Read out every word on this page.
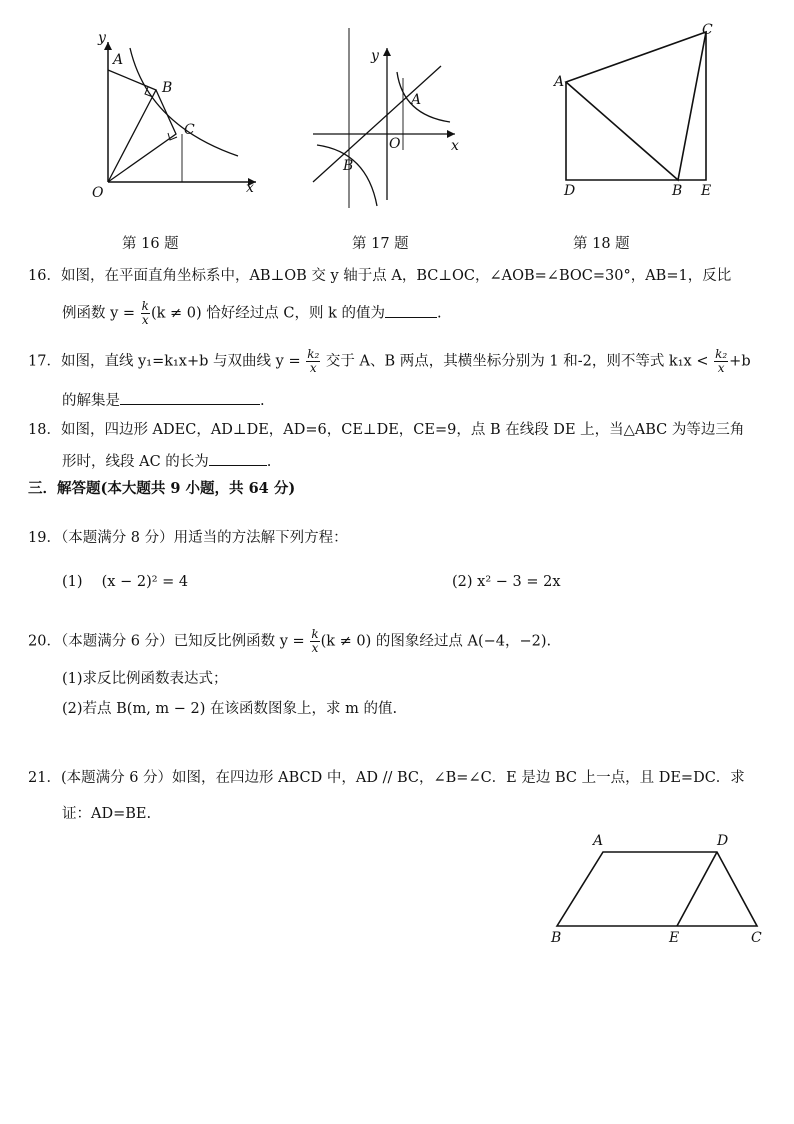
y
x
O
A
B
C
第 16 题
y
x
O
A
B
第 17 题
A
C
D	B E
第 18 题
16．如图，在平面直角坐标系中，AB⊥OB 交 y 轴于点 A，BC⊥OC，∠AOB=∠BOC=30°，AB=1，反比
例函数 $y = \frac{k}{x} (k \ne 0)$ 恰好经过点 C，则 k 的值为	.
17．如图，直线 y₁=k₁x+b 与双曲线 $y = \frac{\text{k₂}}{x}$ 交于 A、B 两点，其横坐标分别为 1 和-2，则不等式 $k_1x < \frac{\text{k₂}}{x} +b$
的解集是	.
18．如图，四边形 ADEC，AD⊥DE，AD=6，CE⊥DE，CE=9，点 B 在线段 DE 上，当△ABC 为等边三角
形时，线段 AC 的长为	.
三．解答题(本大题共 9 小题，共 64 分)
19．（本题满分 8 分）用适当的方法解下列方程：
(1)　 (x − 2)² = 4	(2) x² − 3 = 2x
20．（本题满分 6 分）已知反比例函数 $y = \frac{k}{x} (k \ne 0)$ 的图象经过点 A(−4，−2).
(1)求反比例函数表达式；
(2)若点 B(m, m − 2) 在该函数图象上，求 m 的值.
21．(本题满分 6 分）如图，在四边形 ABCD 中，AD // BC，∠B=∠C．E 是边 BC 上一点，且 DE=DC．求
证：AD=BE.
A	D
B	E	C
